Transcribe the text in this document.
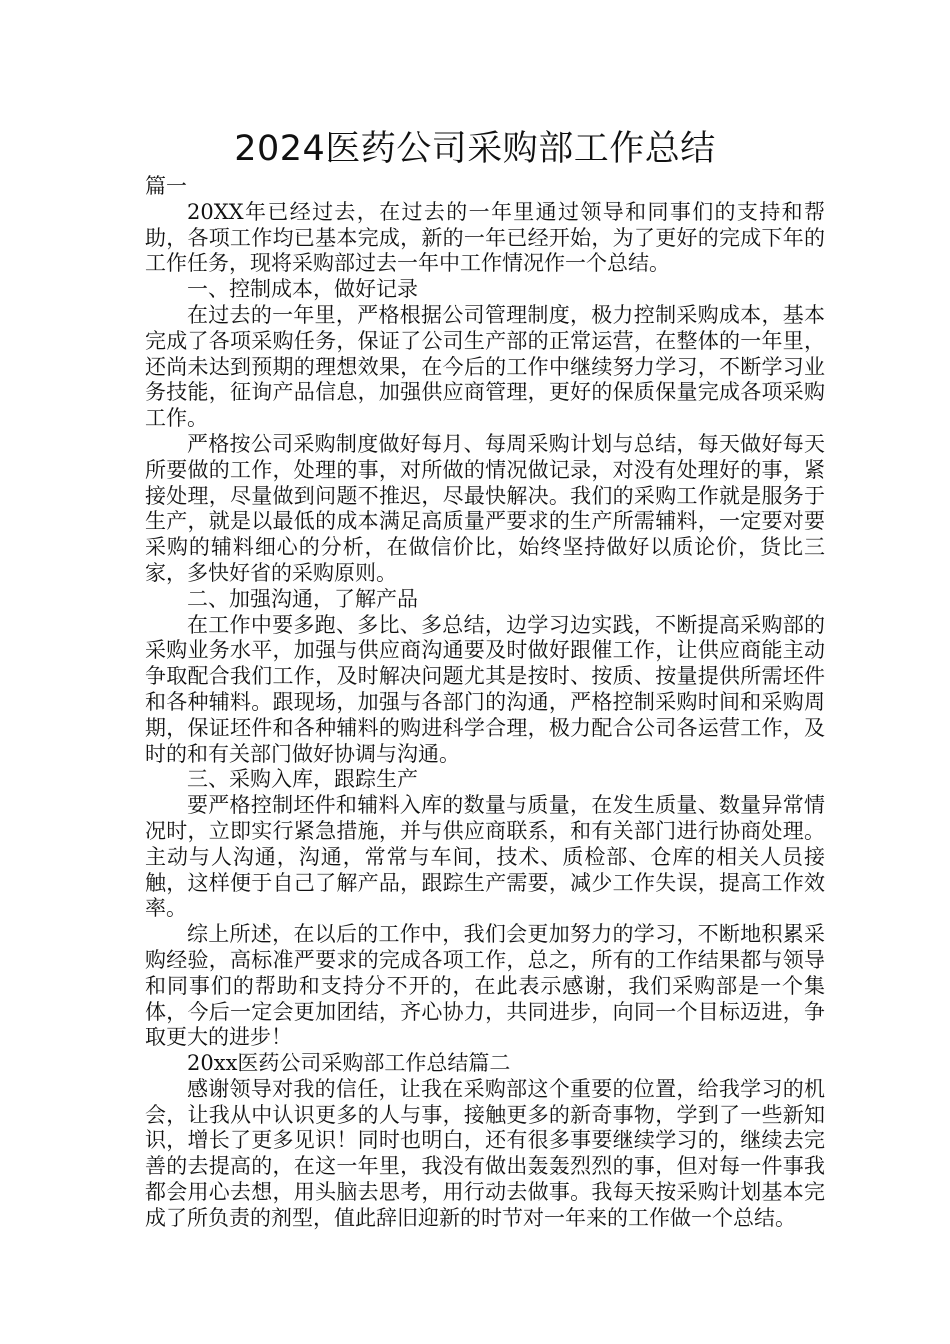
2024医药公司采购部工作总结

篇一

20XX年已经过去，在过去的一年里通过领导和同事们的支持和帮助，各项工作均已基本完成，新的一年已经开始，为了更好的完成下年的工作任务，现将采购部过去一年中工作情况作一个总结。

一、控制成本，做好记录

在过去的一年里，严格根据公司管理制度，极力控制采购成本，基本完成了各项采购任务，保证了公司生产部的正常运营，在整体的一年里，还尚未达到预期的理想效果，在今后的工作中继续努力学习，不断学习业务技能，征询产品信息，加强供应商管理，更好的保质保量完成各项采购工作。

严格按公司采购制度做好每月、每周采购计划与总结，每天做好每天所要做的工作，处理的事，对所做的情况做记录，对没有处理好的事，紧接处理，尽量做到问题不推迟，尽最快解决。我们的采购工作就是服务于生产，就是以最低的成本满足高质量严要求的生产所需辅料，一定要对要采购的辅料细心的分析，在做信价比，始终坚持做好以质论价，货比三家，多快好省的采购原则。

二、加强沟通，了解产品

在工作中要多跑、多比、多总结，边学习边实践，不断提高采购部的采购业务水平，加强与供应商沟通要及时做好跟催工作，让供应商能主动争取配合我们工作，及时解决问题尤其是按时、按质、按量提供所需坯件和各种辅料。跟现场，加强与各部门的沟通，严格控制采购时间和采购周期，保证坯件和各种辅料的购进科学合理，极力配合公司各运营工作，及时的和有关部门做好协调与沟通。

三、采购入库，跟踪生产

要严格控制坯件和辅料入库的数量与质量，在发生质量、数量异常情况时，立即实行紧急措施，并与供应商联系，和有关部门进行协商处理。主动与人沟通，沟通，常常与车间，技术、质检部、仓库的相关人员接触，这样便于自己了解产品，跟踪生产需要，减少工作失误，提高工作效率。

综上所述，在以后的工作中，我们会更加努力的学习，不断地积累采购经验，高标准严要求的完成各项工作，总之，所有的工作结果都与领导和同事们的帮助和支持分不开的，在此表示感谢，我们采购部是一个集体，今后一定会更加团结，齐心协力，共同进步，向同一个目标迈进，争取更大的进步！

20xx医药公司采购部工作总结篇二

感谢领导对我的信任，让我在采购部这个重要的位置，给我学习的机会，让我从中认识更多的人与事，接触更多的新奇事物，学到了一些新知识，增长了更多见识！同时也明白，还有很多事要继续学习的，继续去完善的去提高的，在这一年里，我没有做出轰轰烈烈的事，但对每一件事我都会用心去想，用头脑去思考，用行动去做事。我每天按采购计划基本完成了所负责的剂型，值此辞旧迎新的时节对一年来的工作做一个总结。
